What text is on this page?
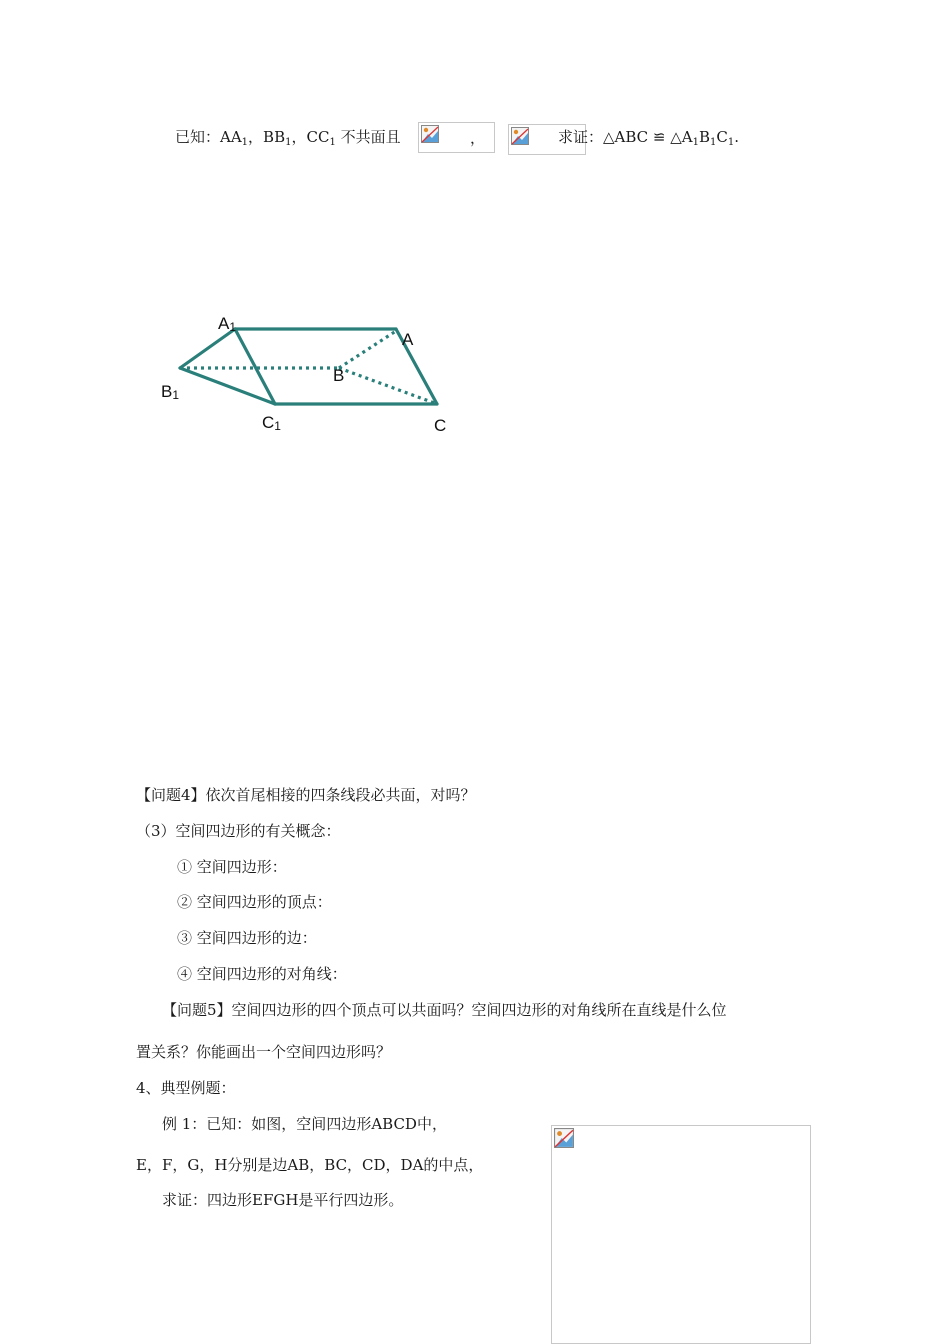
已知：$AA_1$，$BB_1$，$CC_1$ 不共面且	，	求证：△ABC ≌ $\triangle A_1B_1C_1$.
A1
A
B
B1
C1	C
【问题4】依次首尾相接的四条线段必共面，对吗？
（3）空间四边形的有关概念：
① 空间四边形：
② 空间四边形的顶点：
③ 空间四边形的边：
④ 空间四边形的对角线：
【问题5】空间四边形的四个顶点可以共面吗？空间四边形的对角线所在直线是什么位
置关系？你能画出一个空间四边形吗？
4、典型例题：
例 1：已知：如图，空间四边形ABCD中，
E，F，G，H分别是边AB，BC，CD，DA的中点，
求证：四边形EFGH是平行四边形。
